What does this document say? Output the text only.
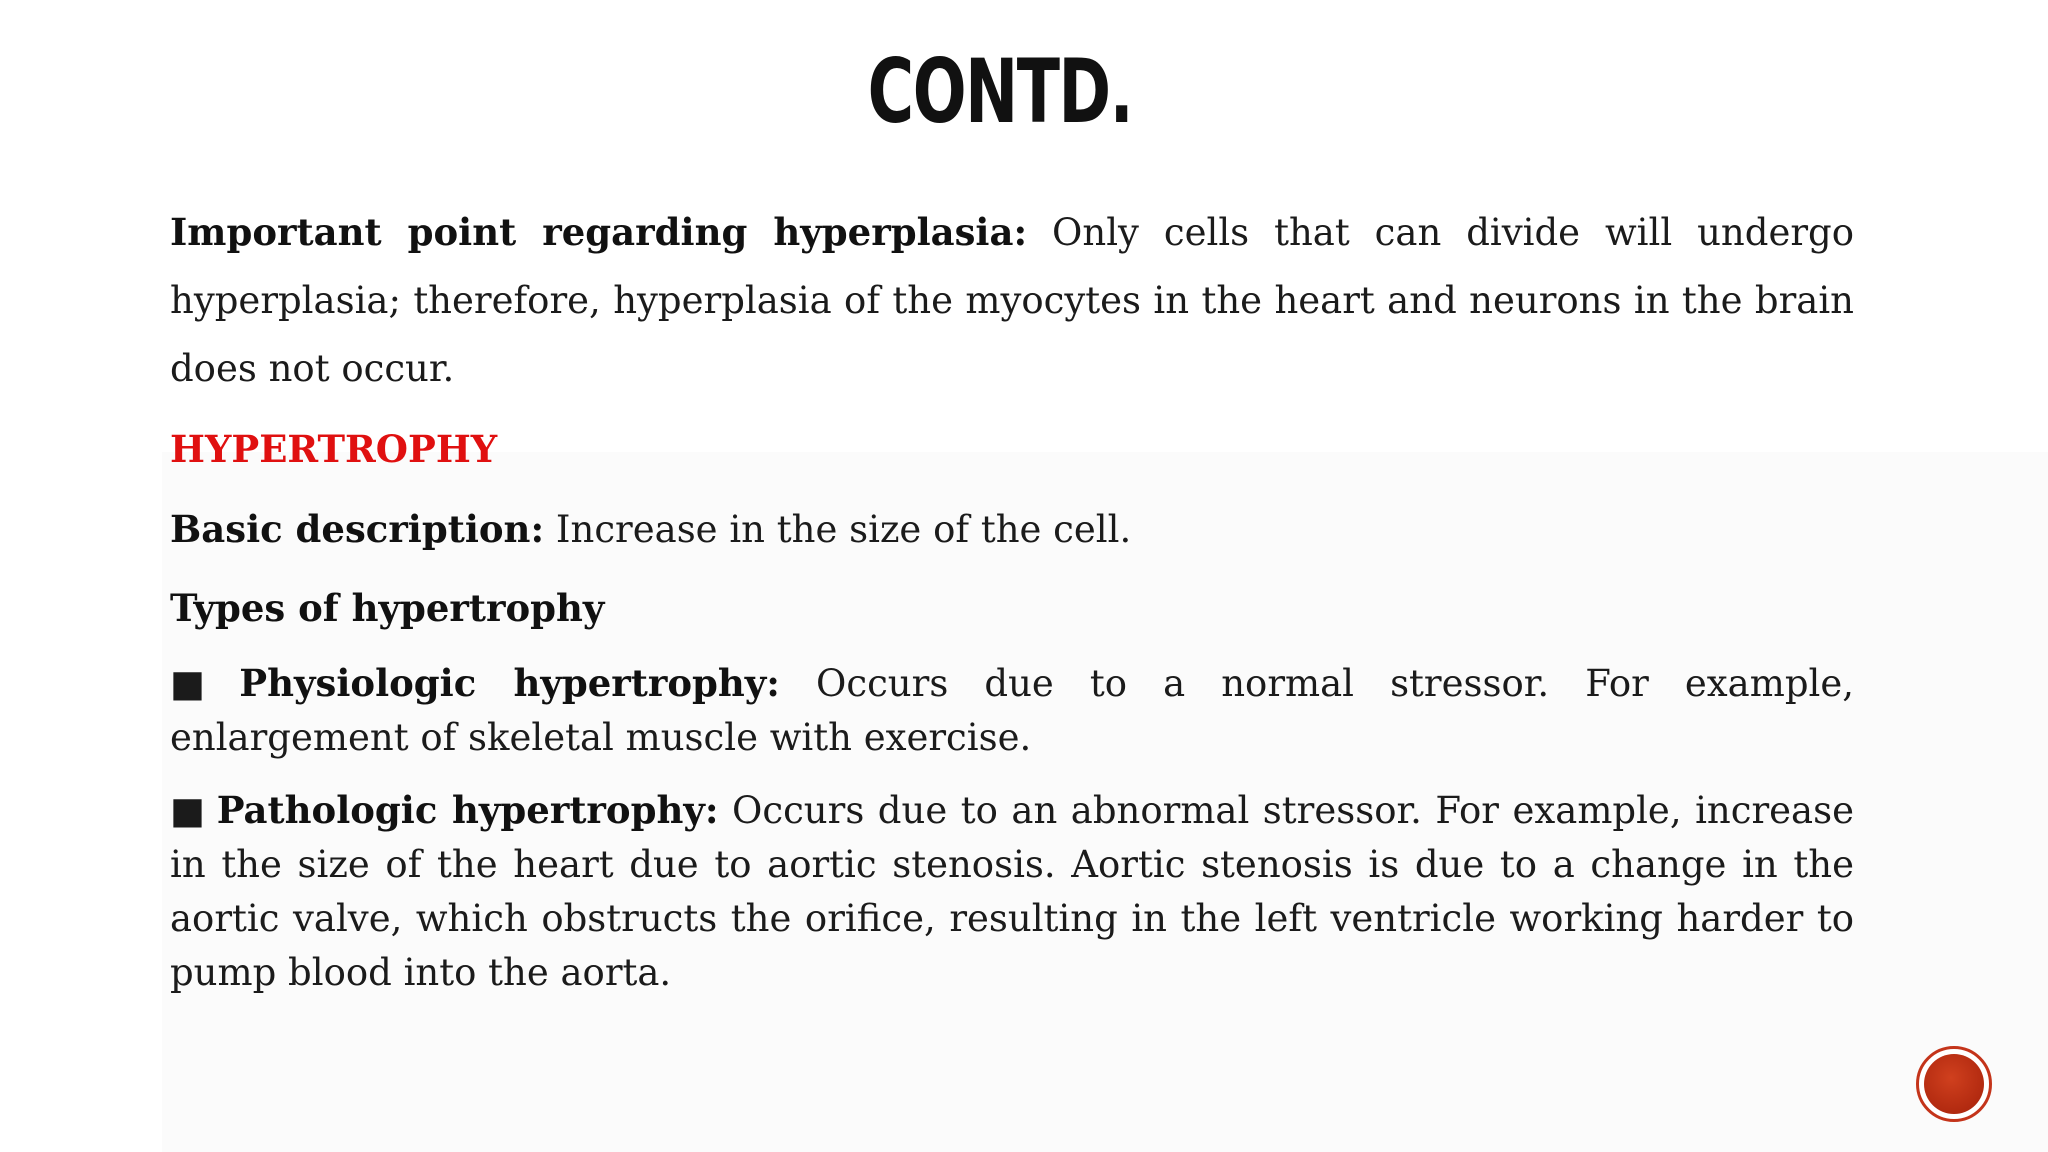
CONTD.

Important point regarding hyperplasia: Only cells that can divide will undergo hyperplasia; therefore, hyperplasia of the myocytes in the heart and neurons in the brain does not occur.

HYPERTROPHY

Basic description: Increase in the size of the cell.

Types of hypertrophy

■ Physiologic hypertrophy: Occurs due to a normal stressor. For example, enlargement of skeletal muscle with exercise.

■ Pathologic hypertrophy: Occurs due to an abnormal stressor. For example, increase in the size of the heart due to aortic stenosis. Aortic stenosis is due to a change in the aortic valve, which obstructs the orifice, resulting in the left ventricle working harder to pump blood into the aorta.
